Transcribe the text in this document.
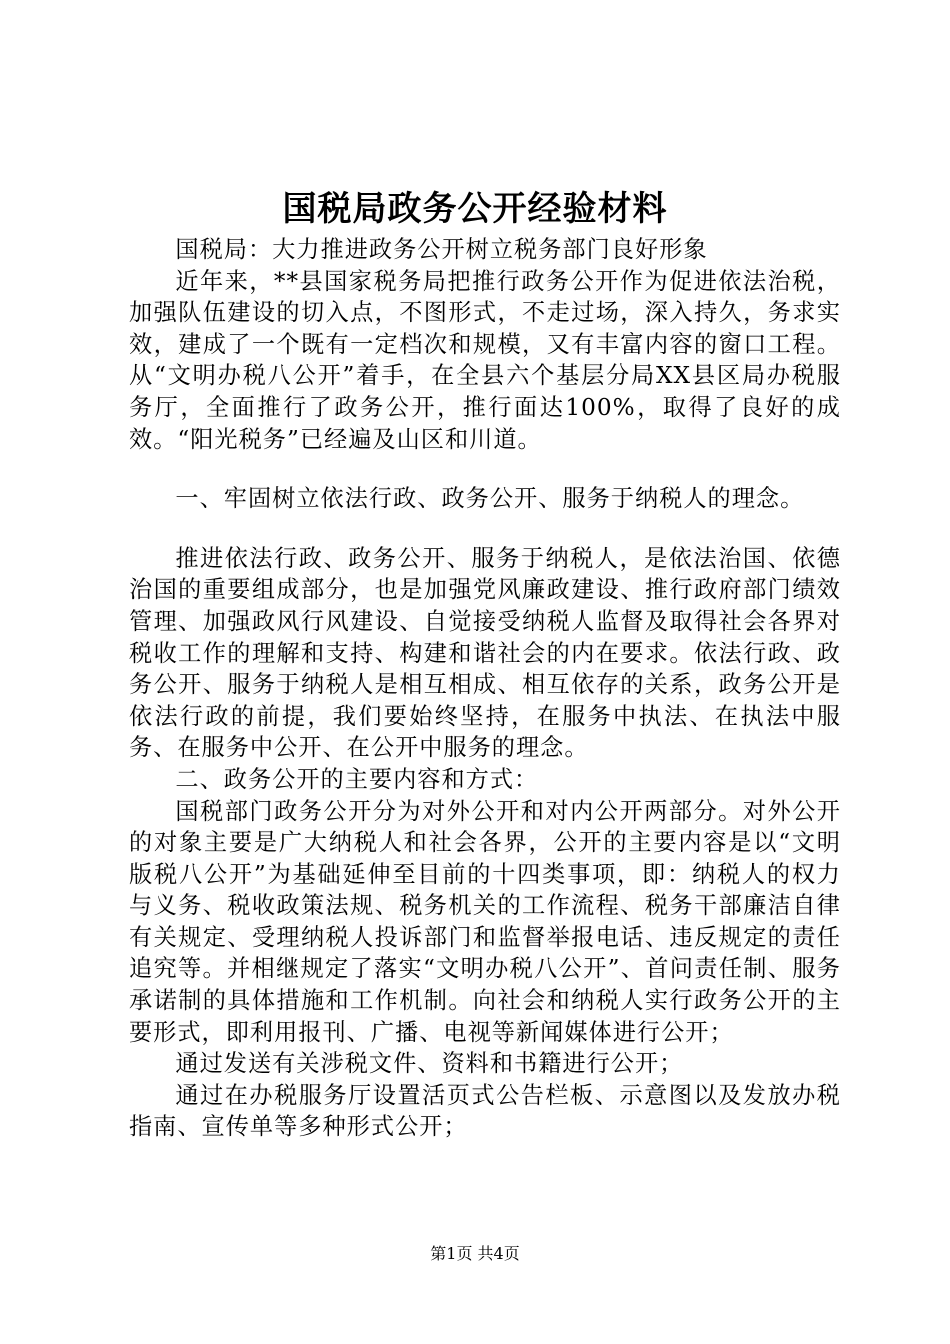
国税局政务公开经验材料

国税局：大力推进政务公开树立税务部门良好形象

近年来，**县国家税务局把推行政务公开作为促进依法治税，加强队伍建设的切入点，不图形式，不走过场，深入持久，务求实效，建成了一个既有一定档次和规模，又有丰富内容的窗口工程。从“文明办税八公开”着手，在全县六个基层分局XX县区局办税服务厅，全面推行了政务公开，推行面达100%，取得了良好的成效。“阳光税务”已经遍及山区和川道。

一、牢固树立依法行政、政务公开、服务于纳税人的理念。

推进依法行政、政务公开、服务于纳税人，是依法治国、依德治国的重要组成部分，也是加强党风廉政建设、推行政府部门绩效管理、加强政风行风建设、自觉接受纳税人监督及取得社会各界对税收工作的理解和支持、构建和谐社会的内在要求。依法行政、政务公开、服务于纳税人是相互相成、相互依存的关系，政务公开是依法行政的前提，我们要始终坚持，在服务中执法、在执法中服务、在服务中公开、在公开中服务的理念。

二、政务公开的主要内容和方式：

国税部门政务公开分为对外公开和对内公开两部分。对外公开的对象主要是广大纳税人和社会各界，公开的主要内容是以“文明版税八公开”为基础延伸至目前的十四类事项，即：纳税人的权力与义务、税收政策法规、税务机关的工作流程、税务干部廉洁自律有关规定、受理纳税人投诉部门和监督举报电话、违反规定的责任追究等。并相继规定了落实“文明办税八公开”、首问责任制、服务承诺制的具体措施和工作机制。向社会和纳税人实行政务公开的主要形式，即利用报刊、广播、电视等新闻媒体进行公开；

通过发送有关涉税文件、资料和书籍进行公开；

通过在办税服务厅设置活页式公告栏板、示意图以及发放办税指南、宣传单等多种形式公开；

第1页 共4页
